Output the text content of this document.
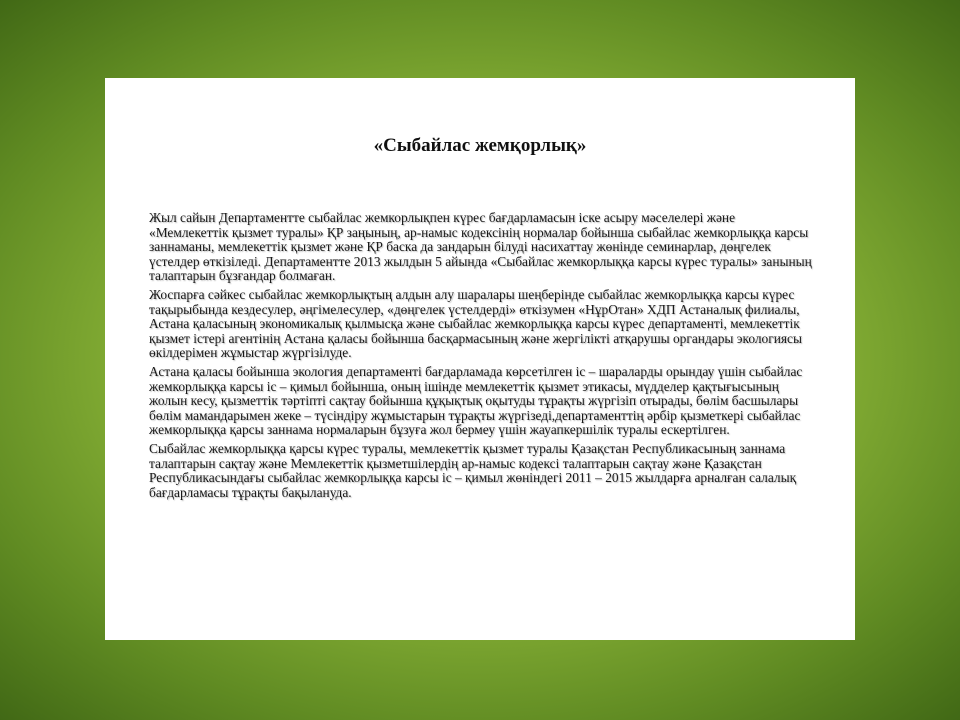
«Сыбайлас жемқорлық»

Жыл сайын Департаментте сыбайлас жемкорлықпен күрес бағдарламасын іске асыру мәселелері және «Мемлекеттік қызмет туралы» ҚР заңының, ар-намыс кодексінің нормалар бойынша сыбайлас жемкорлыққа карсы заннаманы, мемлекеттік қызмет және ҚР баска да зандарын білуді насихаттау жөнінде семинарлар, дөңгелек үстелдер өткізіледі. Департаментте 2013 жылдын 5 айында «Сыбайлас жемкорлыққа карсы күрес туралы» занының талаптарын бұзғандар болмаған.

Жоспарға сәйкес сыбайлас жемкорлықтың алдын алу шаралары шеңберінде сыбайлас жемкорлыққа карсы күрес тақырыбында кездесулер, әңгімелесулер, «дөңгелек үстелдерді» өткізумен «НұрОтан» ХДП Астаналық филиалы, Астана қаласының экономикалық қылмысқа және сыбайлас жемкорлыққа карсы күрес департаменті, мемлекеттік қызмет істері агентінің Астана қаласы бойынша басқармасының және жергілікті атқарушы органдары экологиясы өкілдерімен жұмыстар жүргізілуде.

Астана қаласы бойынша экология департаменті бағдарламада көрсетілген іс – шараларды орындау үшін сыбайлас жемкорлыққа карсы іс – қимыл бойынша, оның ішінде мемлекеттік қызмет этикасы, мүдделер қақтығысының жолын кесу, қызметтік тәртіпті сақтау бойынша құқықтық оқытуды тұрақты жүргізіп отырады, бөлім басшылары бөлім мамандарымен жеке – түсіндіру жұмыстарын тұрақты жүргізеді,департаменттің әрбір қызметкері сыбайлас жемкорлыққа қарсы заннама нормаларын бұзуға жол бермеу үшін жауапкершілік туралы ескертілген.

Сыбайлас жемкорлыққа қарсы күрес туралы, мемлекеттік қызмет туралы Қазақстан Республикасының заннама талаптарын сақтау және Мемлекеттік қызметшілердің ар-намыс кодексі талаптарын сақтау және Қазақстан Республикасындағы сыбайлас жемкорлыққа карсы іс – қимыл жөніндегі 2011 – 2015 жылдарға арналған салалық бағдарламасы тұрақты бақылануда.
